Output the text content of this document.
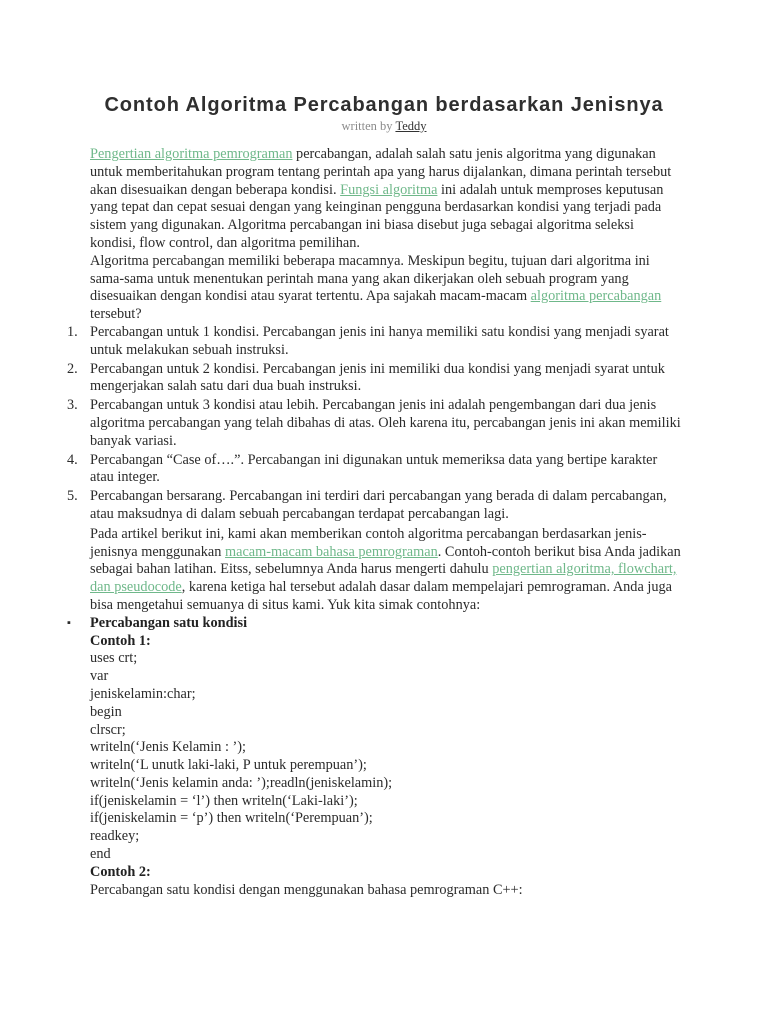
Contoh Algoritma Percabangan berdasarkan Jenisnya
written by Teddy

Pengertian algoritma pemrograman percabangan, adalah salah satu jenis algoritma yang digunakan untuk memberitahukan program tentang perintah apa yang harus dijalankan, dimana perintah tersebut akan disesuaikan dengan beberapa kondisi. Fungsi algoritma ini adalah untuk memproses keputusan yang tepat dan cepat sesuai dengan yang keinginan pengguna berdasarkan kondisi yang terjadi pada sistem yang digunakan. Algoritma percabangan ini biasa disebut juga sebagai algoritma seleksi kondisi, flow control, dan algoritma pemilihan.

Algoritma percabangan memiliki beberapa macamnya. Meskipun begitu, tujuan dari algoritma ini sama-sama untuk menentukan perintah mana yang akan dikerjakan oleh sebuah program yang disesuaikan dengan kondisi atau syarat tertentu. Apa sajakah macam-macam algoritma percabangan tersebut?

1. Percabangan untuk 1 kondisi. Percabangan jenis ini hanya memiliki satu kondisi yang menjadi syarat untuk melakukan sebuah instruksi.
2. Percabangan untuk 2 kondisi. Percabangan jenis ini memiliki dua kondisi yang menjadi syarat untuk mengerjakan salah satu dari dua buah instruksi.
3. Percabangan untuk 3 kondisi atau lebih. Percabangan jenis ini adalah pengembangan dari dua jenis algoritma percabangan yang telah dibahas di atas. Oleh karena itu, percabangan jenis ini akan memiliki banyak variasi.
4. Percabangan “Case of….”. Percabangan ini digunakan untuk memeriksa data yang bertipe karakter atau integer.
5. Percabangan bersarang. Percabangan ini terdiri dari percabangan yang berada di dalam percabangan, atau maksudnya di dalam sebuah percabangan terdapat percabangan lagi.

Pada artikel berikut ini, kami akan memberikan contoh algoritma percabangan berdasarkan jenis-jenisnya menggunakan macam-macam bahasa pemrograman. Contoh-contoh berikut bisa Anda jadikan sebagai bahan latihan. Eitss, sebelumnya Anda harus mengerti dahulu pengertian algoritma, flowchart, dan pseudocode, karena ketiga hal tersebut adalah dasar dalam mempelajari pemrograman. Anda juga bisa mengetahui semuanya di situs kami. Yuk kita simak contohnya:

▪ Percabangan satu kondisi
Contoh 1:
uses crt;
var
jeniskelamin:char;
begin
clrscr;
writeln(‘Jenis Kelamin : ’);
writeln(‘L unutk laki-laki, P untuk perempuan’);
writeln(‘Jenis kelamin anda: ’);readln(jeniskelamin);
if(jeniskelamin = ‘l’) then writeln(‘Laki-laki’);
if(jeniskelamin = ‘p’) then writeln(‘Perempuan’);
readkey;
end
Contoh 2:
Percabangan satu kondisi dengan menggunakan bahasa pemrograman C++:
